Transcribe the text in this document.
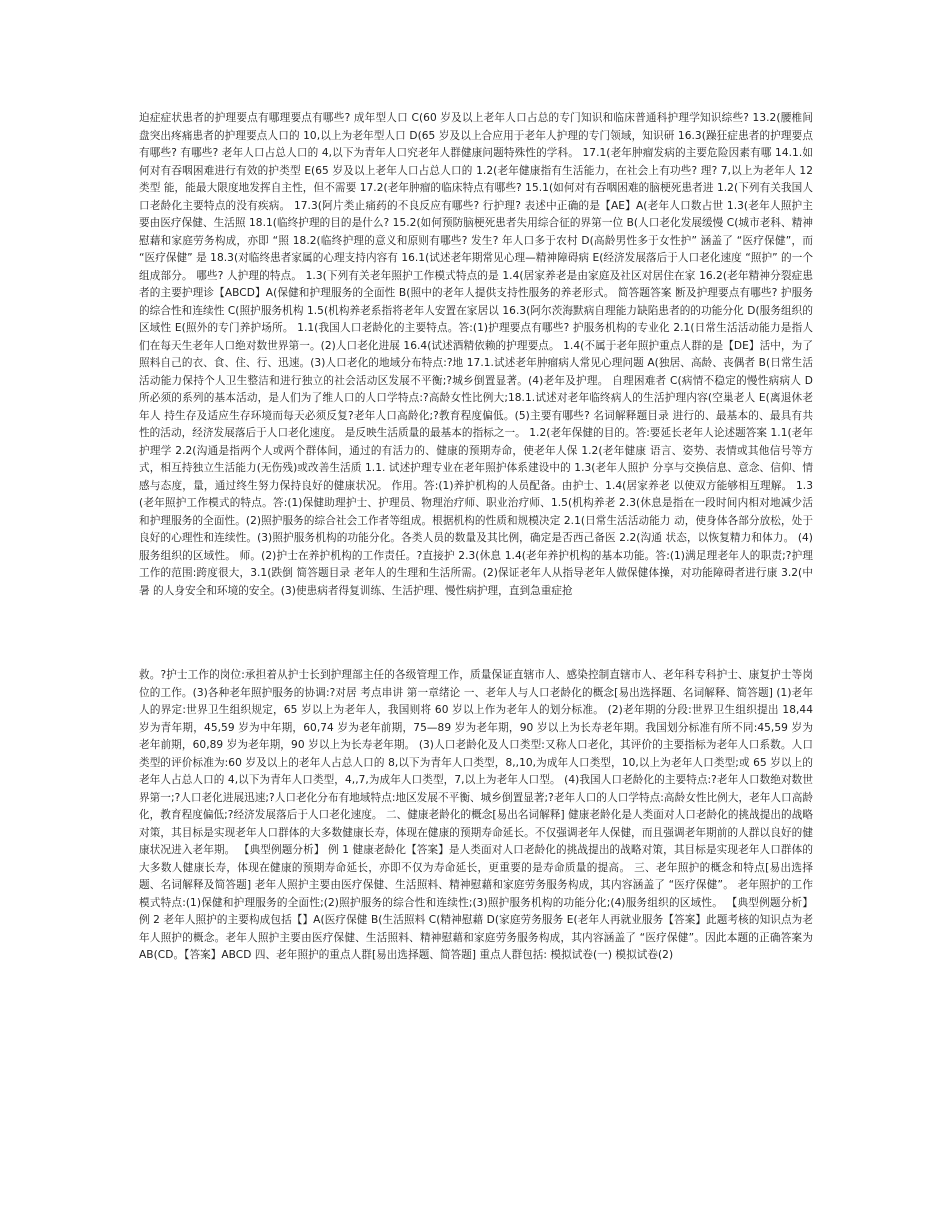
迫症症状患者的护理要点有哪理要点有哪些? 成年型人口 C(60 岁及以上老年人口占总的专门知识和临床普通科护理学知识综些? 13.2(腰椎间盘突出疼痛患者的护理要点人口的 10,以上为老年型人口 D(65 岁及以上合应用于老年人护理的专门领域，知识研 16.3(躁狂症患者的护理要点有哪些? 有哪些? 老年人口占总人口的 4,以下为青年人口究老年人群健康问题特殊性的学科。 17.1(老年肿瘤发病的主要危险因素有哪 14.1.如何对有吞咽困难进行有效的护类型 E(65 岁及以上老年人口占总人口的 1.2(老年健康指有生活能力，在社会上有功些? 理? 7,以上为老年人 12 类型 能，能最大限度地发挥自主性，但不需要 17.2(老年肿瘤的临床特点有哪些? 15.1(如何对有吞咽困难的脑梗死患者进 1.2(下列有关我国人口老龄化主要特点的没有疾病。 17.3(阿片类止痛药的不良反应有哪些? 行护理? 表述中正确的是【AE】A(老年人口数占世 1.3(老年人照护主要由医疗保健、生活照 18.1(临终护理的目的是什么? 15.2(如何预防脑梗死患者失用综合征的界第一位 B(人口老化发展缓慢 C(城市老科、精神慰藉和家庭劳务构成，亦即 “照 18.2(临终护理的意义和原则有哪些? 发生? 年人口多于农村 D(高龄男性多于女性护” 涵盖了 “医疗保健”，而 “医疗保健” 是 18.3(对临终患者家属的心理支持内容有 16.1(试述老年期常见心理—精神障碍病 E(经济发展落后于人口老化速度 “照护” 的一个组成部分。 哪些? 人护理的特点。 1.3(下列有关老年照护工作模式特点的是 1.4(居家养老是由家庭及社区对居住在家 16.2(老年精神分裂症患者的主要护理诊【ABCD】A(保健和护理服务的全面性 B(照中的老年人提供支持性服务的养老形式。 简答题答案 断及护理要点有哪些? 护服务的综合性和连续性 C(照护服务机构 1.5(机构养老系指将老年人安置在家居以 16.3(阿尔茨海默病自理能力缺陷患者的的功能分化 D(服务组织的区域性 E(照外的专门养护场所。 1.1(我国人口老龄化的主要特点。答:(1)护理要点有哪些? 护服务机构的专业化 2.1(日常生活活动能力是指人们在每天生老年人口绝对数世界第一。(2)人口老化进展 16.4(试述酒精依赖的护理要点。 1.4(不属于老年照护重点人群的是【DE】活中，为了照料自己的衣、食、住、行、迅速。(3)人口老化的地域分布特点:?地 17.1.试述老年肿瘤病人常见心理问题 A(独居、高龄、丧偶者 B(日常生活活动能力保持个人卫生整洁和进行独立的社会活动区发展不平衡;?城乡倒置显著。(4)老年及护理。 自理困难者 C(病情不稳定的慢性病病人 D 所必须的系列的基本活动，是人们为了维人口的人口学特点:?高龄女性比例大;18.1.试述对老年临终病人的生活护理内容(空巢老人 E(离退休老年人 持生存及适应生存环境而每天必须反复?老年人口高龄化;?教育程度偏低。(5)主要有哪些? 名词解释题目录 进行的、最基本的、最具有共性的活动，经济发展落后于人口老化速度。 是反映生活质量的最基本的指标之一。 1.2(老年保健的目的。答:要延长老年人论述题答案 1.1(老年护理学 2.2(沟通是指两个人或两个群体间，通过的有活力的、健康的预期寿命，使老年人保 1.2(老年健康 语言、姿势、表情或其他信号等方式，相互持独立生活能力(无伤残)或改善生活质 1.1. 试述护理专业在老年照护体系建设中的 1.3(老年人照护 分享与交换信息、意念、信仰、情感与态度，量，通过终生努力保持良好的健康状况。 作用。答:(1)养护机构的人员配备。由护士、1.4(居家养老 以使双方能够相互理解。 1.3(老年照护工作模式的特点。答:(1)保健助理护士、护理员、物理治疗师、职业治疗师、1.5(机构养老 2.3(休息是指在一段时间内相对地减少活和护理服务的全面性。(2)照护服务的综合社会工作者等组成。根据机构的性质和规模决定 2.1(日常生活活动能力 动，使身体各部分放松，处于良好的心理性和连续性。(3)照护服务机构的功能分化。各类人员的数量及其比例，确定是否西己备医 2.2(沟通 状态，以恢复精力和体力。 (4)服务组织的区域性。 师。(2)护士在养护机构的工作责任。?直接护 2.3(休息 1.4(老年养护机构的基本功能。答:(1)满足理老年人的职责;?护理工作的范围:跨度很大，3.1(跌倒 简答题目录 老年人的生理和生活所需。(2)保证老年人从指导老年人做保健体操，对功能障碍者进行康 3.2(中暑 的人身安全和环境的安全。(3)使患病者得复训练、生活护理、慢性病护理，直到急重症抢

救。?护士工作的岗位:承担着从护士长到护理部主任的各级管理工作，质量保证直辖市人、感染控制直辖市人、老年科专科护士、康复护士等岗位的工作。(3)各种老年照护服务的协调:?对居 考点串讲 第一章绪论 一、老年人与人口老龄化的概念[易出选择题、名词解释、简答题] (1)老年人的界定:世界卫生组织规定，65 岁以上为老年人，我国则将 60 岁以上作为老年人的划分标准。 (2)老年期的分段:世界卫生组织提出 18,44 岁为青年期，45,59 岁为中年期，60,74 岁为老年前期，75—89 岁为老年期，90 岁以上为长寿老年期。我国划分标准有所不同:45,59 岁为老年前期，60,89 岁为老年期，90 岁以上为长寿老年期。 (3)人口老龄化及人口类型:又称人口老化，其评价的主要指标为老年人口系数。人口类型的评价标准为:60 岁及以上的老年人占总人口的 8,以下为青年人口类型，8,,10,为成年人口类型，10,以上为老年人口类型;或 65 岁以上的老年人占总人口的 4,以下为青年人口类型，4,,7,为成年人口类型，7,以上为老年人口型。 (4)我国人口老龄化的主要特点:?老年人口数绝对数世界第一;?人口老化进展迅速;?人口老化分布有地域特点:地区发展不平衡、城乡倒置显著;?老年人口的人口学特点:高龄女性比例大，老年人口高龄化，教育程度偏低;?经济发展落后于人口老化速度。 二、健康老龄化的概念[易出名词解释] 健康老龄化是人类面对人口老龄化的挑战提出的战略对策，其目标是实现老年人口群体的大多数健康长寿，体现在健康的预期寿命延长。不仅强调老年人保健，而且强调老年期前的人群以良好的健康状况进入老年期。 【典型例题分析】 例 1 健康老龄化【答案】是人类面对人口老龄化的挑战提出的战略对策，其目标是实现老年人口群体的大多数人健康长寿，体现在健康的预期寿命延长，亦即不仅为寿命延长，更重要的是寿命质量的提高。 三、老年照护的概念和特点[易出选择题、名词解释及简答题] 老年人照护主要由医疗保健、生活照料、精神慰藉和家庭劳务服务构成，其内容涵盖了 “医疗保健”。 老年照护的工作模式特点:(1)保健和护理服务的全面性;(2)照护服务的综合性和连续性;(3)照护服务机构的功能分化;(4)服务组织的区域性。 【典型例题分析】 例 2 老年人照护的主要构成包括【】A(医疗保健 B(生活照料 C(精神慰藉 D(家庭劳务服务 E(老年人再就业服务【答案】此题考核的知识点为老年人照护的概念。老年人照护主要由医疗保健、生活照料、精神慰藉和家庭劳务服务构成，其内容涵盖了 “医疗保健”。因此本题的正确答案为 AB(CD。【答案】ABCD 四、老年照护的重点人群[易出选择题、简答题] 重点人群包括: 模拟试卷(一) 模拟试卷(2)
